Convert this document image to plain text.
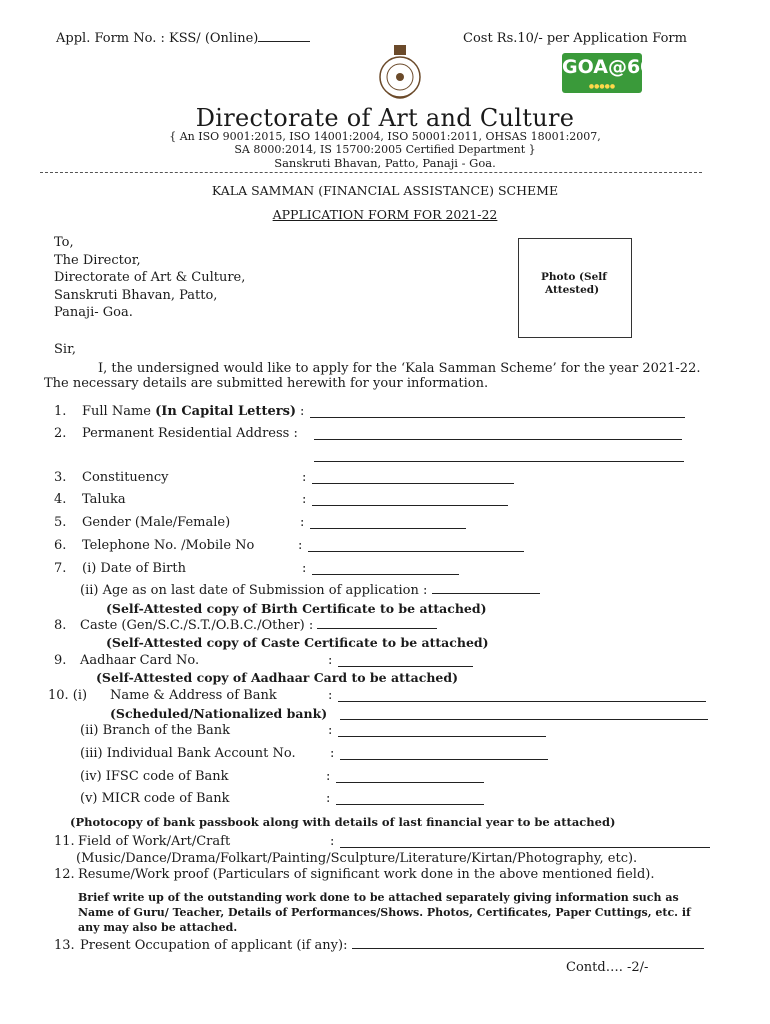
Appl. Form No. : KSS/ (Online)	Cost Rs.10/- per Application Form
GOA@60
●●●●●
Directorate of Art and Culture
{ An ISO 9001:2015, ISO 14001:2004, ISO 50001:2011, OHSAS 18001:2007,
SA 8000:2014, IS 15700:2005 Certified Department }
Sanskruti Bhavan, Patto, Panaji - Goa.
KALA SAMMAN (FINANCIAL ASSISTANCE) SCHEME
APPLICATION FORM FOR 2021-22
To,
The Director,
Directorate of Art & Culture,
Sanskruti Bhavan, Patto,
Panaji- Goa.
Photo (Self
Attested)
Sir,
I, the undersigned would like to apply for the ‘Kala Samman Scheme’ for the year 2021-22.
The necessary details are submitted herewith for your information.
1. Full Name (In Capital Letters) :
2. Permanent Residential Address :
3. Constituency	:
4. Taluka	:
5. Gender (Male/Female)	:
6. Telephone No. /Mobile No	:
7. (i) Date of Birth	:
(ii) Age as on last date of Submission of application :
(Self-Attested copy of Birth Certificate to be attached)
8. Caste (Gen/S.C./S.T./O.B.C./Other) :
(Self-Attested copy of Caste Certificate to be attached)
9. Aadhaar Card No.	:
(Self-Attested copy of Aadhaar Card to be attached)
10. (i) Name & Address of Bank	:
(Scheduled/Nationalized bank)
(ii) Branch of the Bank	:
(iii) Individual Bank Account No.	:
(iv) IFSC code of Bank	:
(v) MICR code of Bank	:
(Photocopy of bank passbook along with details of last financial year to be attached)
11. Field of Work/Art/Craft	:
(Music/Dance/Drama/Folkart/Painting/Sculpture/Literature/Kirtan/Photography, etc).
12. Resume/Work proof (Particulars of significant work done in the above mentioned field).
Brief write up of the outstanding work done to be attached separately giving information such as
Name of Guru/ Teacher, Details of Performances/Shows. Photos, Certificates, Paper Cuttings, etc. if
any may also be attached.
13. Present Occupation of applicant (if any):
Contd…. -2/-
